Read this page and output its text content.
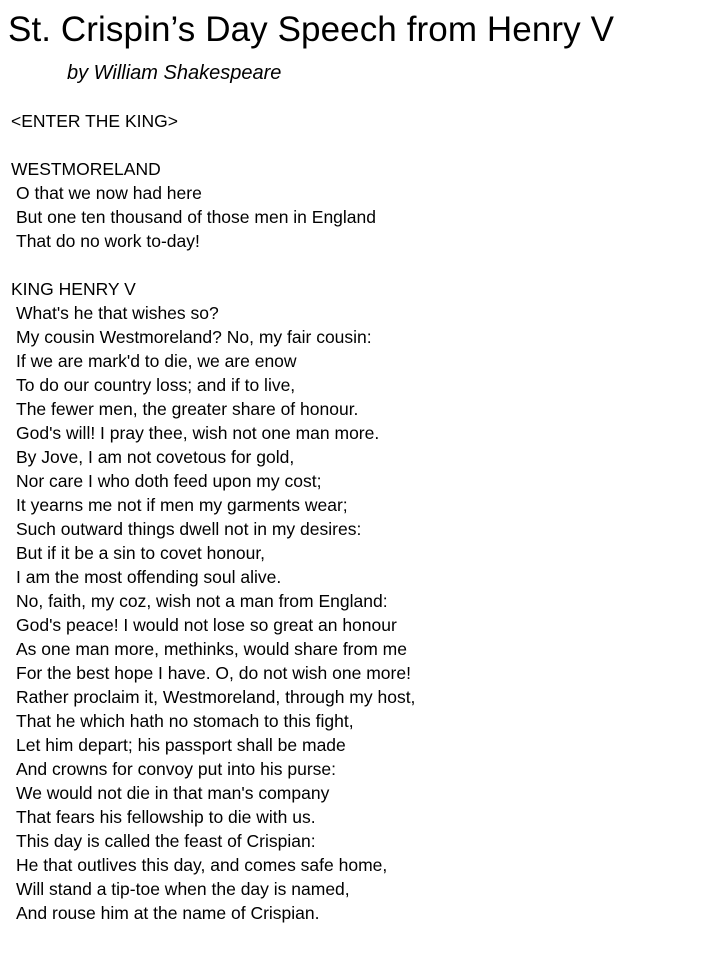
St. Crispin’s Day Speech from Henry V
by William Shakespeare
<ENTER THE KING>
WESTMORELAND
O that we now had here
But one ten thousand of those men in England
That do no work to-day!
KING HENRY V
What's he that wishes so?
My cousin Westmoreland? No, my fair cousin:
If we are mark'd to die, we are enow
To do our country loss; and if to live,
The fewer men, the greater share of honour.
God's will! I pray thee, wish not one man more.
By Jove, I am not covetous for gold,
Nor care I who doth feed upon my cost;
It yearns me not if men my garments wear;
Such outward things dwell not in my desires:
But if it be a sin to covet honour,
I am the most offending soul alive.
No, faith, my coz, wish not a man from England:
God's peace! I would not lose so great an honour
As one man more, methinks, would share from me
For the best hope I have. O, do not wish one more!
Rather proclaim it, Westmoreland, through my host,
That he which hath no stomach to this fight,
Let him depart; his passport shall be made
And crowns for convoy put into his purse:
We would not die in that man's company
That fears his fellowship to die with us.
This day is called the feast of Crispian:
He that outlives this day, and comes safe home,
Will stand a tip-toe when the day is named,
And rouse him at the name of Crispian.
